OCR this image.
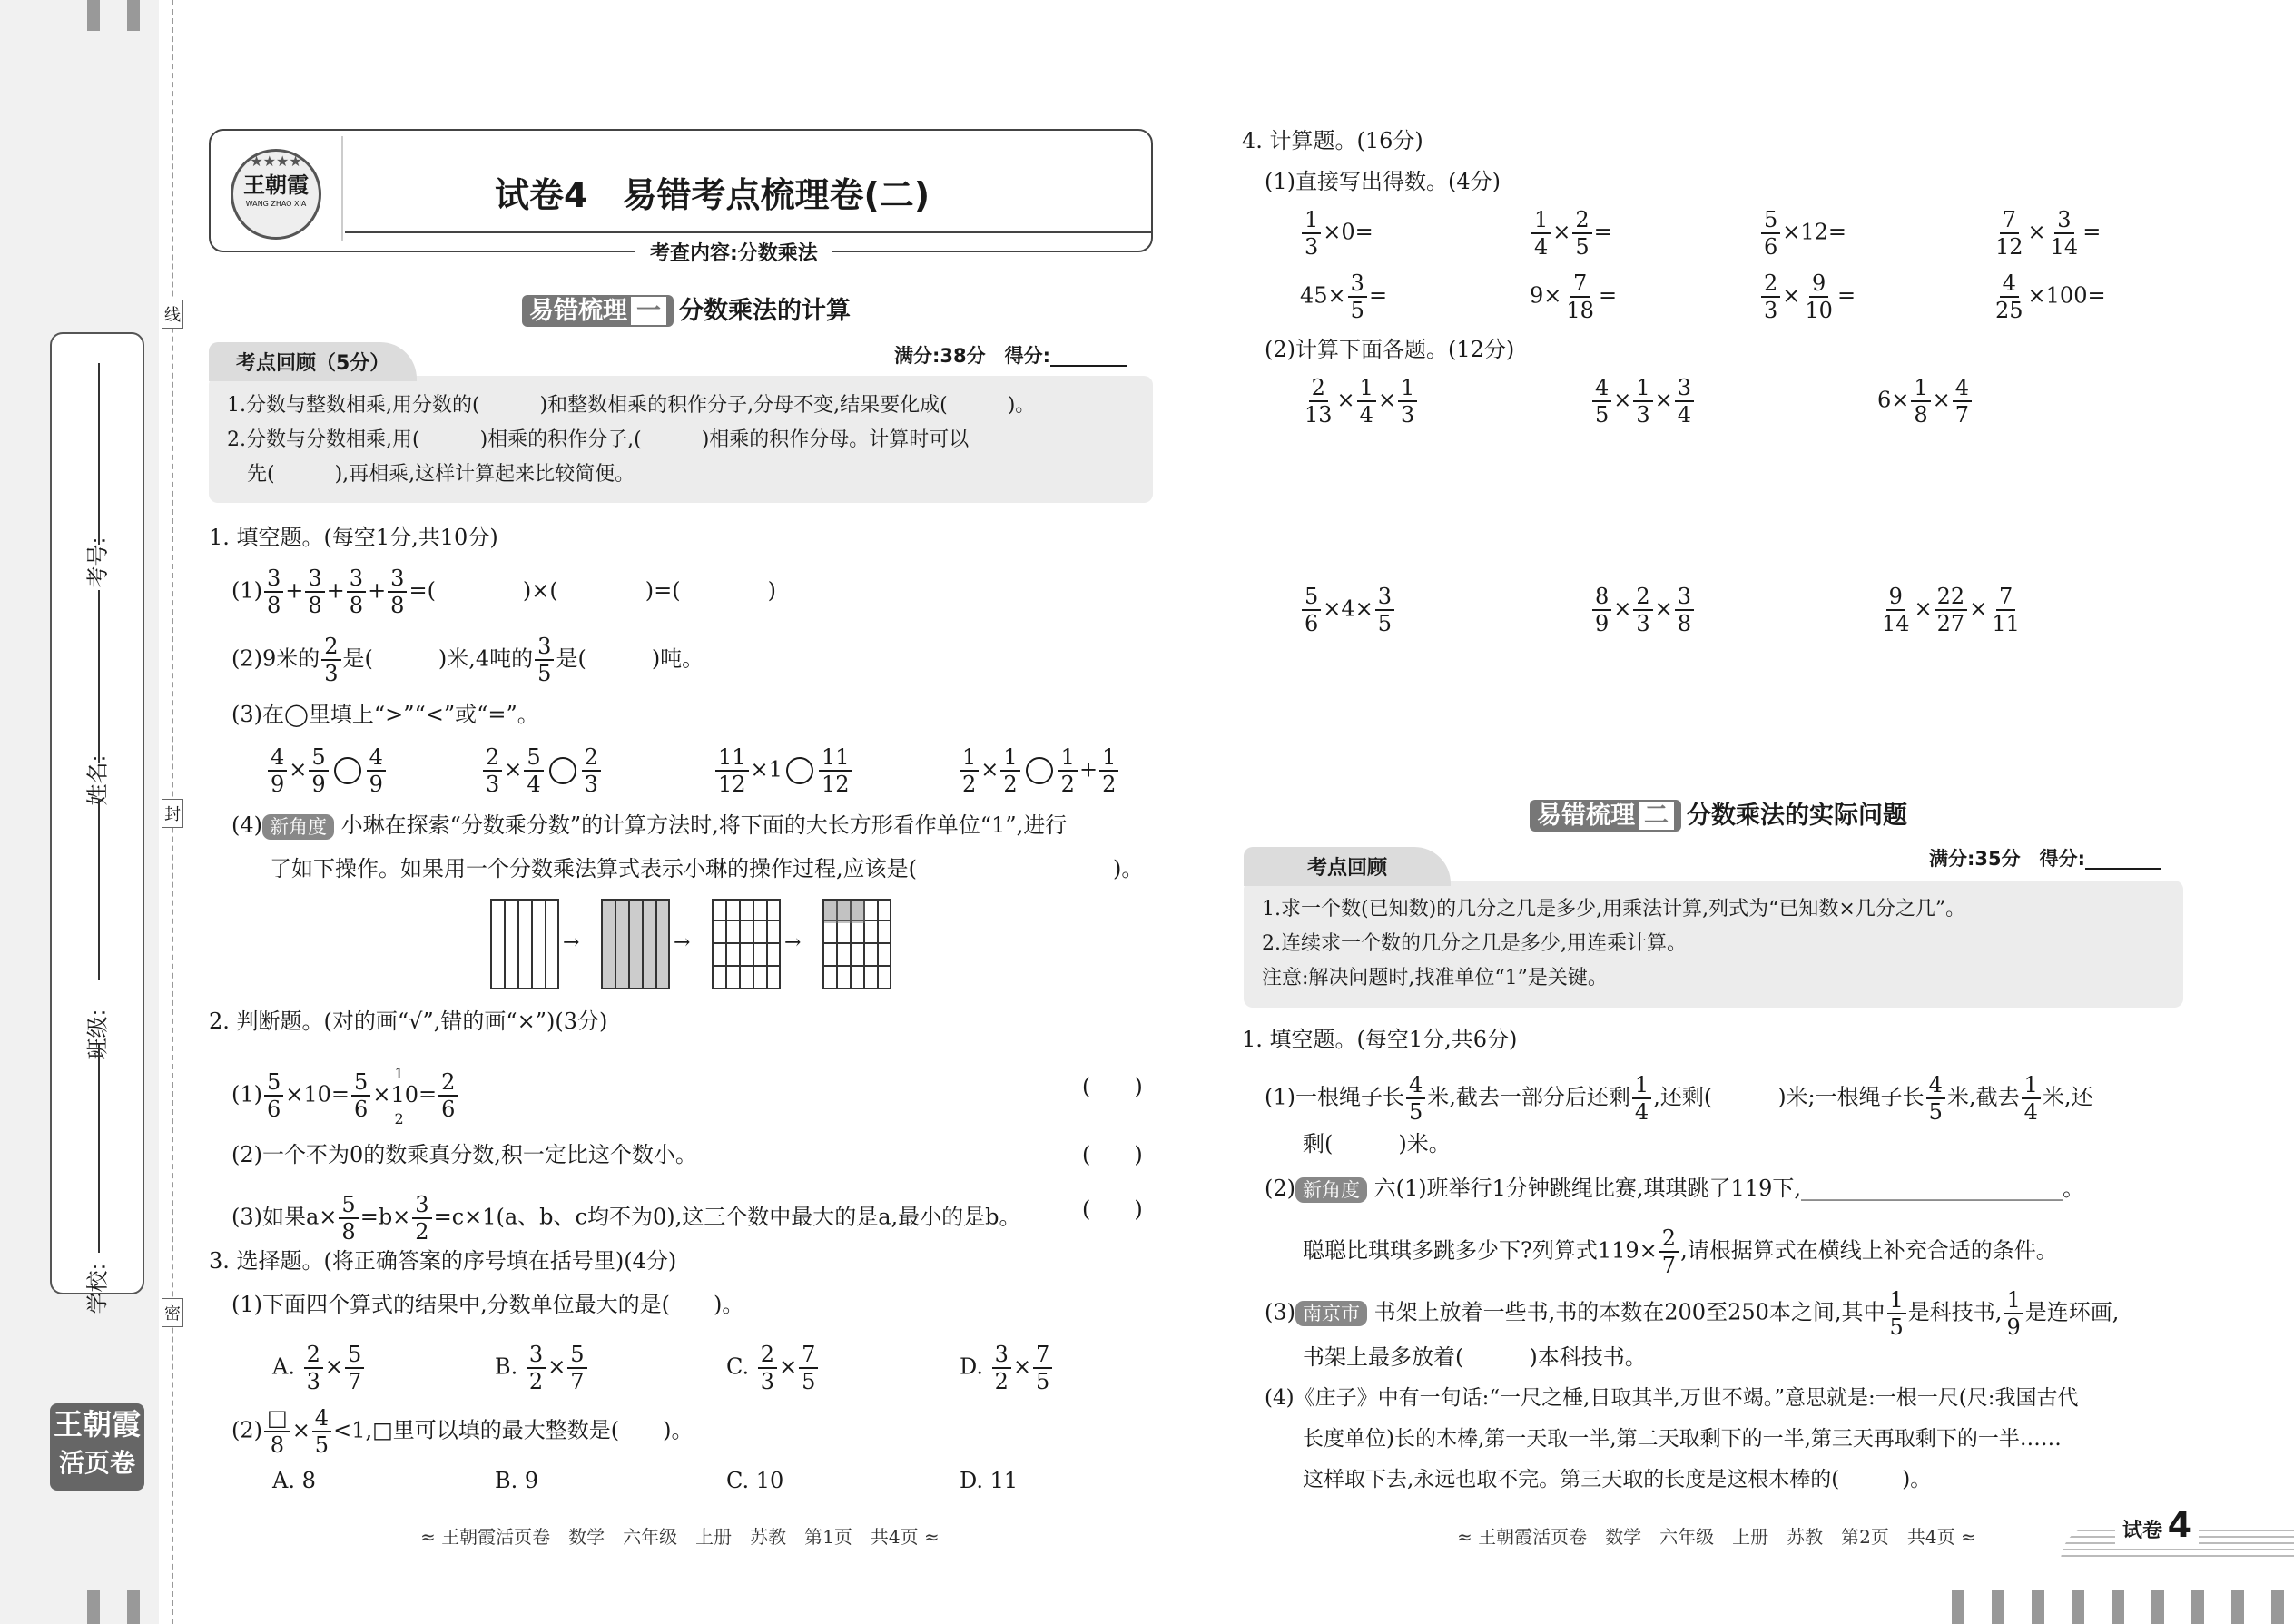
考号:
姓名:
班级:
学校:
线
封
密
王朝霞
活页卷
★★★★
王朝霞
WANG ZHAO XIA	试卷4　易错考点梳理卷(二)
考查内容:分数乘法
易错梳理 一 分数乘法的计算
考点回顾（5分）	满分:38分　得分:________
1.分数与整数相乘,用分数的(　　　)和整数相乘的积作分子,分母不变,结果要化成(　　　)。
2.分数与分数相乘,用(　　　)相乘的积作分子,(　　　)相乘的积作分母。计算时可以
　先(　　　),再相乘,这样计算起来比较简便。
1. 填空题。(每空1分,共10分)
$(1) \frac{3}{8} + \frac{3}{8} + \frac{3}{8} + \frac{3}{8}$ =(　　　　)×(　　　　)=(　　　　)
(2)9米的 $\frac{2}{3}$ 是(　　　)米,4吨的 $\frac{3}{5}$ 是(　　　)吨。
(3)在◯里填上“>”“<”或“=”。
$\frac{4}{9} \times \frac{5}{9} \frac{4}{9}$	$\frac{2}{3} \times \frac{5}{4} \frac{2}{3}$	$\frac{11}{12} \times 1 \frac{11}{12}$	$\frac{1}{2} \times \frac{1}{2} \frac{1}{2} + \frac{1}{2}$
(4) 新角度 小琳在探索“分数乘分数”的计算方法时,将下面的大长方形看作单位“1”,进行
了如下操作。如果用一个分数乘法算式表示小琳的操作过程,应该是(　　　　　　　　　)。
→	→	→
2. 判断题。(对的画“√”,错的画“×”)(3分)
$(1) \frac{5}{6} \times 10= \frac{5}{6}$ ×
1
10
2
= $\frac{2}{6}$	(　　)
(2)一个不为0的数乘真分数,积一定比这个数小。	(　　)
(3)如果$a\times \frac{5}{8} =b\times \frac{3}{2} =c\times 1(a$、b、c均不为0),这三个数中最大的是a,最小的是b。	(　　)
3. 选择题。(将正确答案的序号填在括号里)(4分)
(1)下面四个算式的结果中,分数单位最大的是(　　)。
A. $\frac{2}{3} \times \frac{5}{7}$	B. $\frac{3}{2} \times \frac{5}{7}$	C. $\frac{2}{3} \times \frac{7}{5}$	D. $\frac{3}{2} \times \frac{7}{5}$
$(2) \frac{□}{8} \times \frac{4}{5}$ <1,□里可以填的最大整数是(　　)。
A. 8	B. 9	C. 10	D. 11
≈ 王朝霞活页卷　数学　六年级　上册　苏教　第1页　共4页 ≈
4. 计算题。(16分)
(1)直接写出得数。(4分)
$\frac{1}{3} \times 0=$	$\frac{1}{4} \times \frac{2}{5}$ =	$\frac{5}{6} \times 12=$	$\frac{7}{12} \times \frac{3}{14}$ =
$45\times \frac{3}{5}$ =	$9\times \frac{7}{18}$ =	$\frac{2}{3} \times \frac{9}{10}$ =	$\frac{4}{25} \times 100=$
(2)计算下面各题。(12分)
$\frac{2}{13} \times \frac{1}{4} \times \frac{1}{3}$	$\frac{4}{5} \times \frac{1}{3} \times \frac{3}{4}$	$6\times \frac{1}{8} \times \frac{4}{7}$
$\frac{5}{6} \times 4\times \frac{3}{5}$	$\frac{8}{9} \times \frac{2}{3} \times \frac{3}{8}$	$\frac{9}{14} \times \frac{22}{27} \times \frac{7}{11}$
易错梳理 二 分数乘法的实际问题
考点回顾	满分:35分　得分:________
1.求一个数(已知数)的几分之几是多少,用乘法计算,列式为“已知数×几分之几”。
2.连续求一个数的几分之几是多少,用连乘计算。
注意:解决问题时,找准单位“1”是关键。
1. 填空题。(每空1分,共6分)
(1)一根绳子长 $\frac{4}{5}$ 米,截去一部分后还剩 $\frac{1}{4}$ ,还剩(　　　)米;一根绳子长 $\frac{4}{5}$ 米,截去 $\frac{1}{4}$ 米,还
剩(　　　)米。
(2) 新角度 六(1)班举行1分钟跳绳比赛,琪琪跳了119下,________________________。
聪聪比琪琪多跳多少下?列算式$119\times \frac{2}{7}$ ,请根据算式在横线上补充合适的条件。
(3) 南京市 书架上放着一些书,书的本数在200至250本之间,其中 $\frac{1}{5}$ 是科技书, $\frac{1}{9}$ 是连环画,
书架上最多放着(　　　)本科技书。
(4)《庄子》中有一句话:“一尺之棰,日取其半,万世不竭。”意思就是:一根一尺(尺:我国古代
长度单位)长的木棒,第一天取一半,第二天取剩下的一半,第三天再取剩下的一半……
这样取下去,永远也取不完。第三天取的长度是这根木棒的(　　　)。
≈ 王朝霞活页卷　数学　六年级　上册　苏教　第2页　共4页 ≈	试卷 4
